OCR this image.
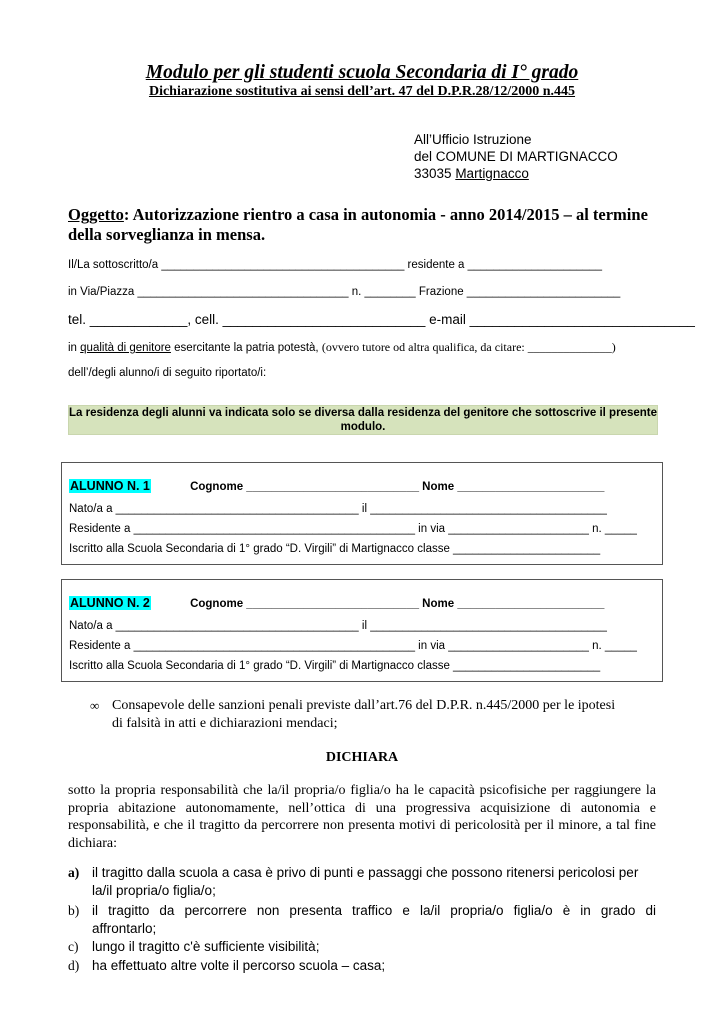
Modulo per gli studenti scuola Secondaria di I° grado
Dichiarazione sostitutiva ai sensi dell’art. 47 del D.P.R.28/12/2000 n.445
All’Ufficio Istruzione
del COMUNE DI MARTIGNACCO
33035 Martignacco
Oggetto: Autorizzazione rientro a casa in autonomia - anno 2014/2015 – al termine della sorveglianza in mensa.
Il/La sottoscritto/a ______________________________________ residente a _____________________
in Via/Piazza _________________________________ n. ________ Frazione ________________________
tel. _____________, cell. ___________________________ e-mail ______________________________
in qualità di genitore esercitante la patria potestà, (ovvero tutore od altra qualifica, da citare: ______________)
dell’/degli alunno/i di seguito riportato/i:
La residenza degli alunni va indicata solo se diversa dalla residenza del genitore che sottoscrive il presente modulo.
ALUNNO N. 1	Cognome ___________________________ Nome _______________________
Nato/a a ______________________________________ il _____________________________________
Residente a ____________________________________________ in via ______________________ n. _____
Iscritto alla Scuola Secondaria di 1° grado “D. Virgili” di Martignacco classe _______________________
ALUNNO N. 2	Cognome ___________________________ Nome _______________________
Nato/a a ______________________________________ il _____________________________________
Residente a ____________________________________________ in via ______________________ n. _____
Iscritto alla Scuola Secondaria di 1° grado “D. Virgili” di Martignacco classe _______________________
∞ Consapevole delle sanzioni penali previste dall’art.76 del D.P.R. n.445/2000 per le ipotesi
di falsità in atti e dichiarazioni mendaci;
DICHIARA
sotto la propria responsabilità che la/il propria/o figlia/o ha le capacità psicofisiche per raggiungere la propria abitazione autonomamente, nell’ottica di una progressiva acquisizione di autonomia e responsabilità, e che il tragitto da percorrere non presenta motivi di pericolosità per il minore, a tal fine dichiara:
a) il tragitto dalla scuola a casa è privo di punti e passaggi che possono ritenersi pericolosi per
la/il propria/o figlia/o;
b) il tragitto da percorrere non presenta traffico e la/il propria/o figlia/o è in grado di
affrontarlo;
c) lungo il tragitto c'è sufficiente visibilità;
d) ha effettuato altre volte il percorso scuola – casa;
